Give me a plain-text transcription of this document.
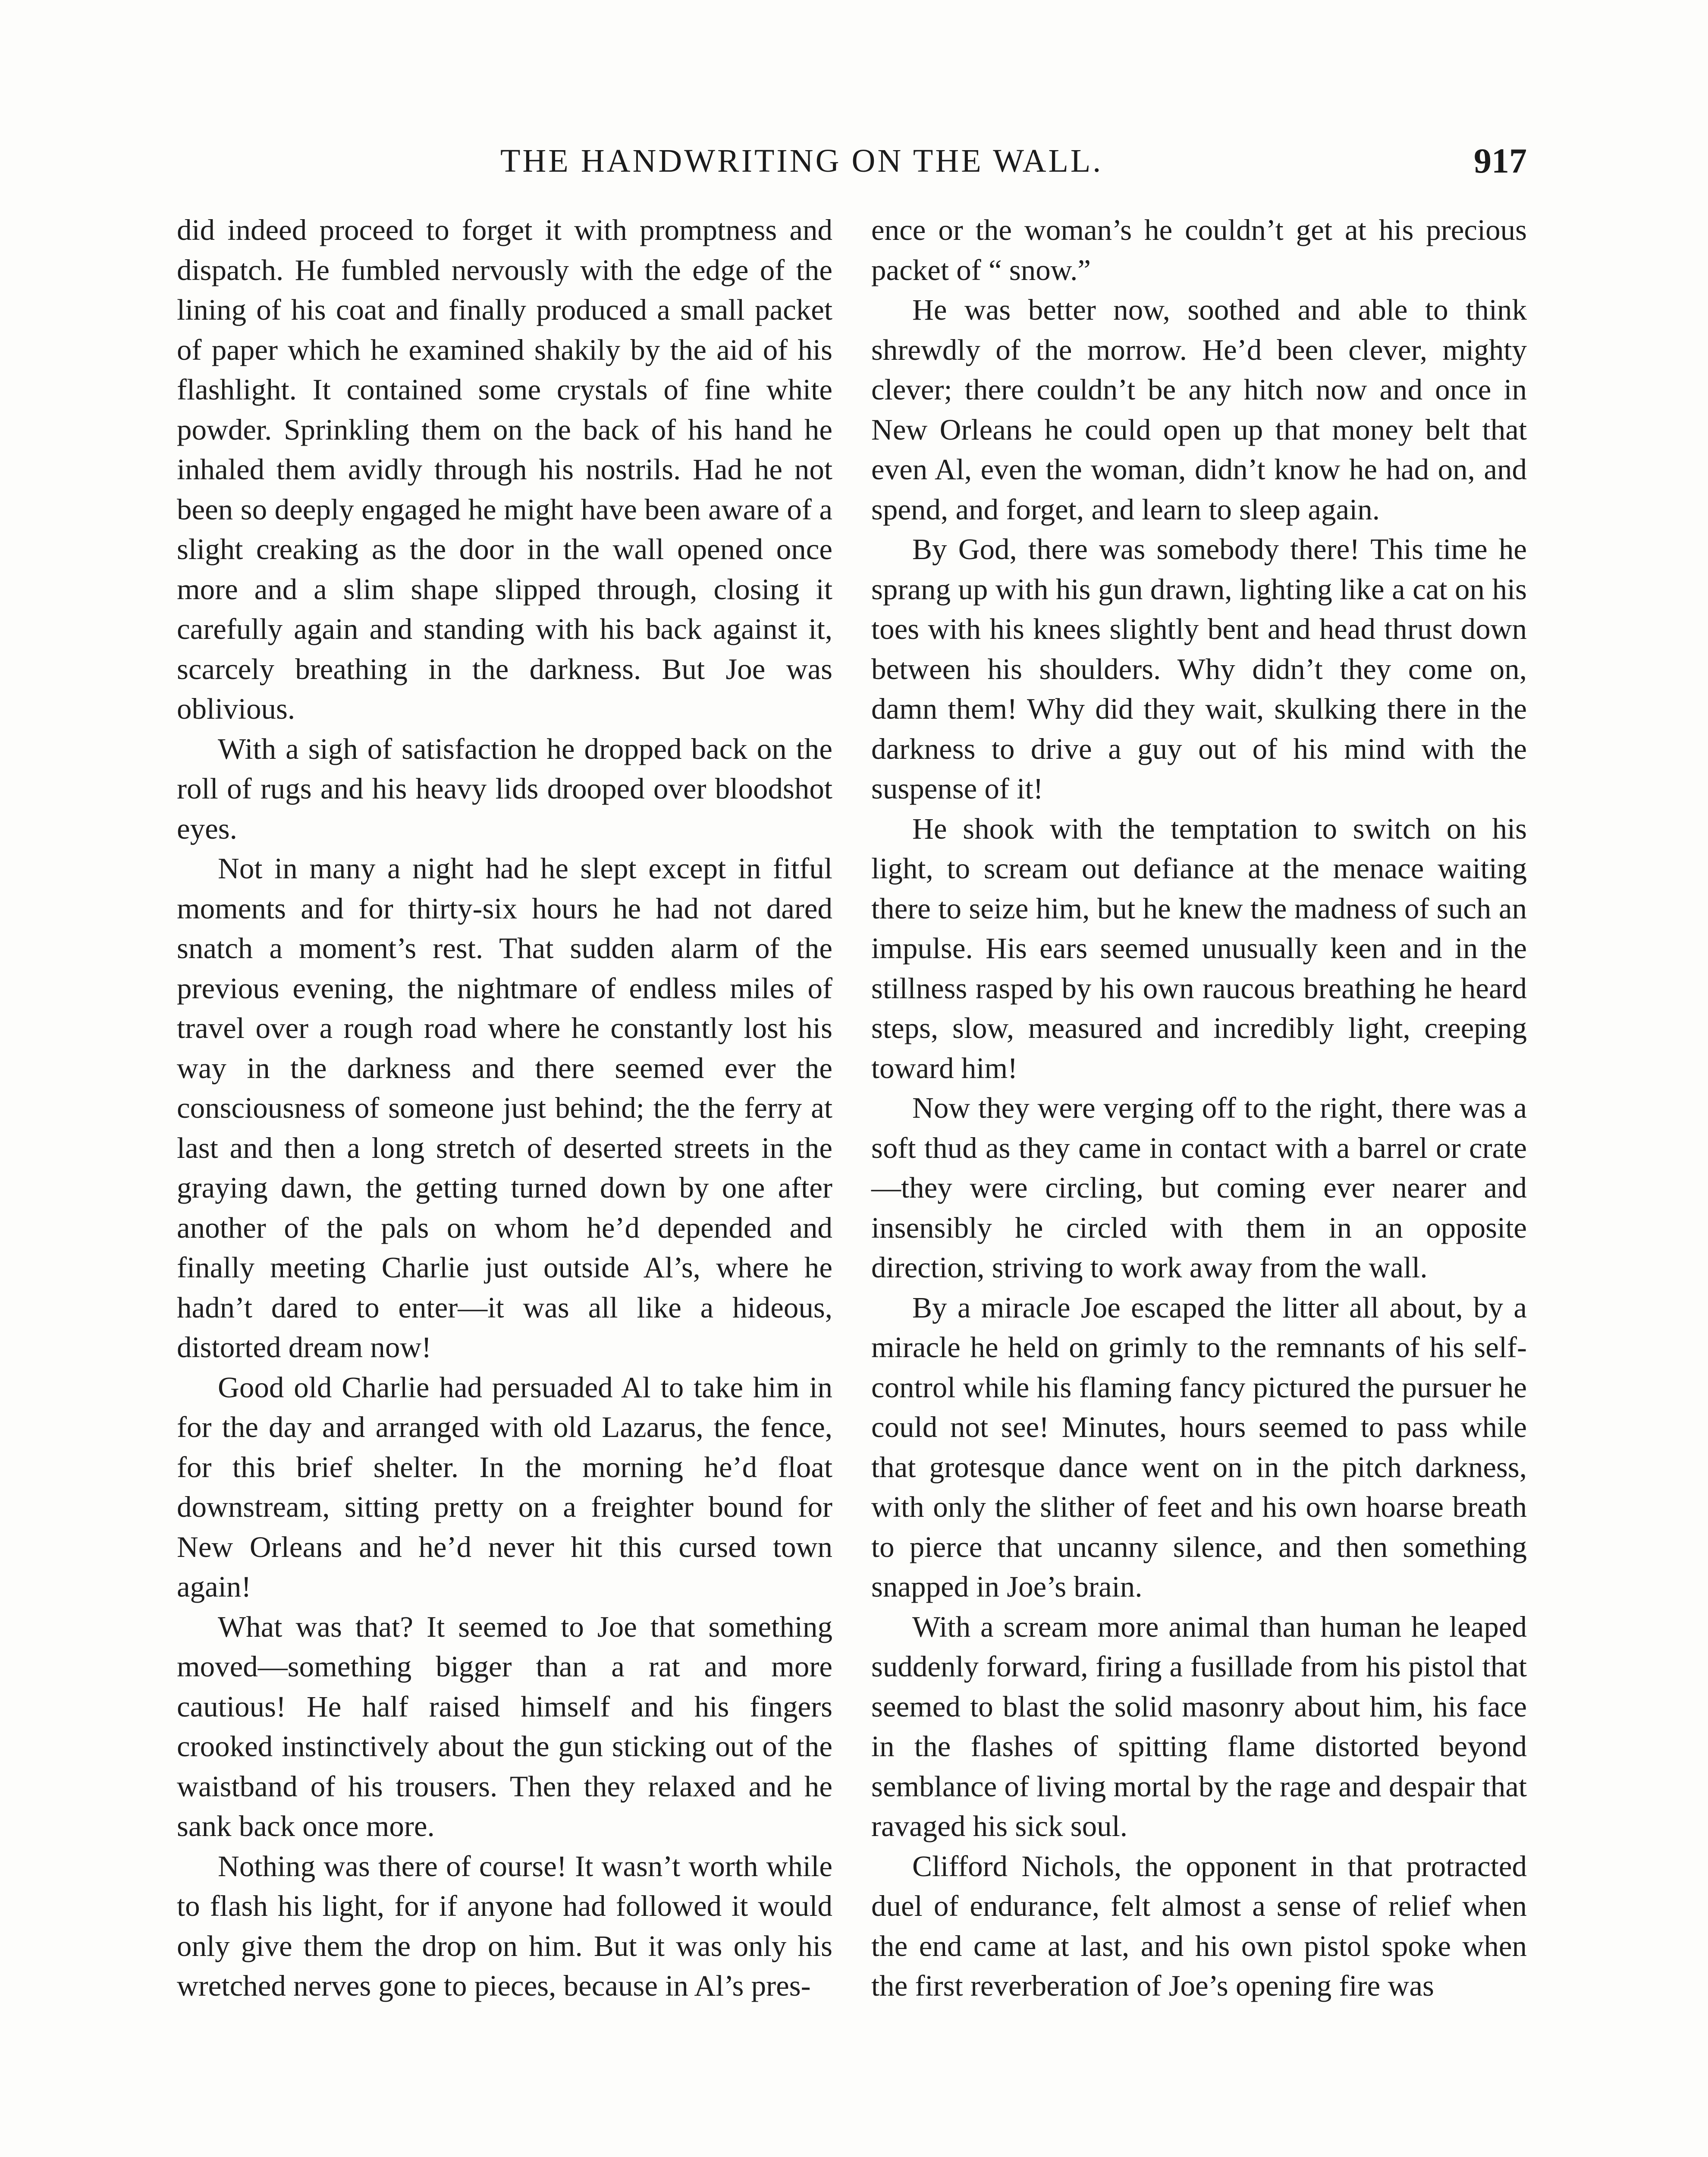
THE HANDWRITING ON THE WALL.	917

did indeed proceed to forget it with promptness and dispatch. He fumbled nervously with the edge of the lining of his coat and finally produced a small packet of paper which he examined shakily by the aid of his flashlight. It contained some crystals of fine white powder. Sprinkling them on the back of his hand he inhaled them avidly through his nostrils. Had he not been so deeply engaged he might have been aware of a slight creaking as the door in the wall opened once more and a slim shape slipped through, closing it carefully again and standing with his back against it, scarcely breathing in the darkness. But Joe was oblivious.

With a sigh of satisfaction he dropped back on the roll of rugs and his heavy lids drooped over bloodshot eyes.

Not in many a night had he slept except in fitful moments and for thirty-six hours he had not dared snatch a moment’s rest. That sudden alarm of the previous evening, the nightmare of endless miles of travel over a rough road where he constantly lost his way in the darkness and there seemed ever the consciousness of someone just behind; the the ferry at last and then a long stretch of deserted streets in the graying dawn, the getting turned down by one after another of the pals on whom he’d depended and finally meeting Charlie just outside Al’s, where he hadn’t dared to enter—it was all like a hideous, distorted dream now!

Good old Charlie had persuaded Al to take him in for the day and arranged with old Lazarus, the fence, for this brief shelter. In the morning he’d float downstream, sitting pretty on a freighter bound for New Orleans and he’d never hit this cursed town again!

What was that? It seemed to Joe that something moved—something bigger than a rat and more cautious! He half raised himself and his fingers crooked instinctively about the gun sticking out of the waistband of his trousers. Then they relaxed and he sank back once more.

Nothing was there of course! It wasn’t worth while to flash his light, for if anyone had followed it would only give them the drop on him. But it was only his wretched nerves gone to pieces, because in Al’s pres-

ence or the woman’s he couldn’t get at his precious packet of “ snow.”

He was better now, soothed and able to think shrewdly of the morrow. He’d been clever, mighty clever; there couldn’t be any hitch now and once in New Orleans he could open up that money belt that even Al, even the woman, didn’t know he had on, and spend, and forget, and learn to sleep again.

By God, there was somebody there! This time he sprang up with his gun drawn, lighting like a cat on his toes with his knees slightly bent and head thrust down between his shoulders. Why didn’t they come on, damn them! Why did they wait, skulking there in the darkness to drive a guy out of his mind with the suspense of it!

He shook with the temptation to switch on his light, to scream out defiance at the menace waiting there to seize him, but he knew the madness of such an impulse. His ears seemed unusually keen and in the stillness rasped by his own raucous breathing he heard steps, slow, measured and incredibly light, creeping toward him!

Now they were verging off to the right, there was a soft thud as they came in contact with a barrel or crate—they were circling, but coming ever nearer and insensibly he circled with them in an opposite direction, striving to work away from the wall.

By a miracle Joe escaped the litter all about, by a miracle he held on grimly to the remnants of his self-control while his flaming fancy pictured the pursuer he could not see! Minutes, hours seemed to pass while that grotesque dance went on in the pitch darkness, with only the slither of feet and his own hoarse breath to pierce that uncanny silence, and then something snapped in Joe’s brain.

With a scream more animal than human he leaped suddenly forward, firing a fusillade from his pistol that seemed to blast the solid masonry about him, his face in the flashes of spitting flame distorted beyond semblance of living mortal by the rage and despair that ravaged his sick soul.

Clifford Nichols, the opponent in that protracted duel of endurance, felt almost a sense of relief when the end came at last, and his own pistol spoke when the first reverberation of Joe’s opening fire was
